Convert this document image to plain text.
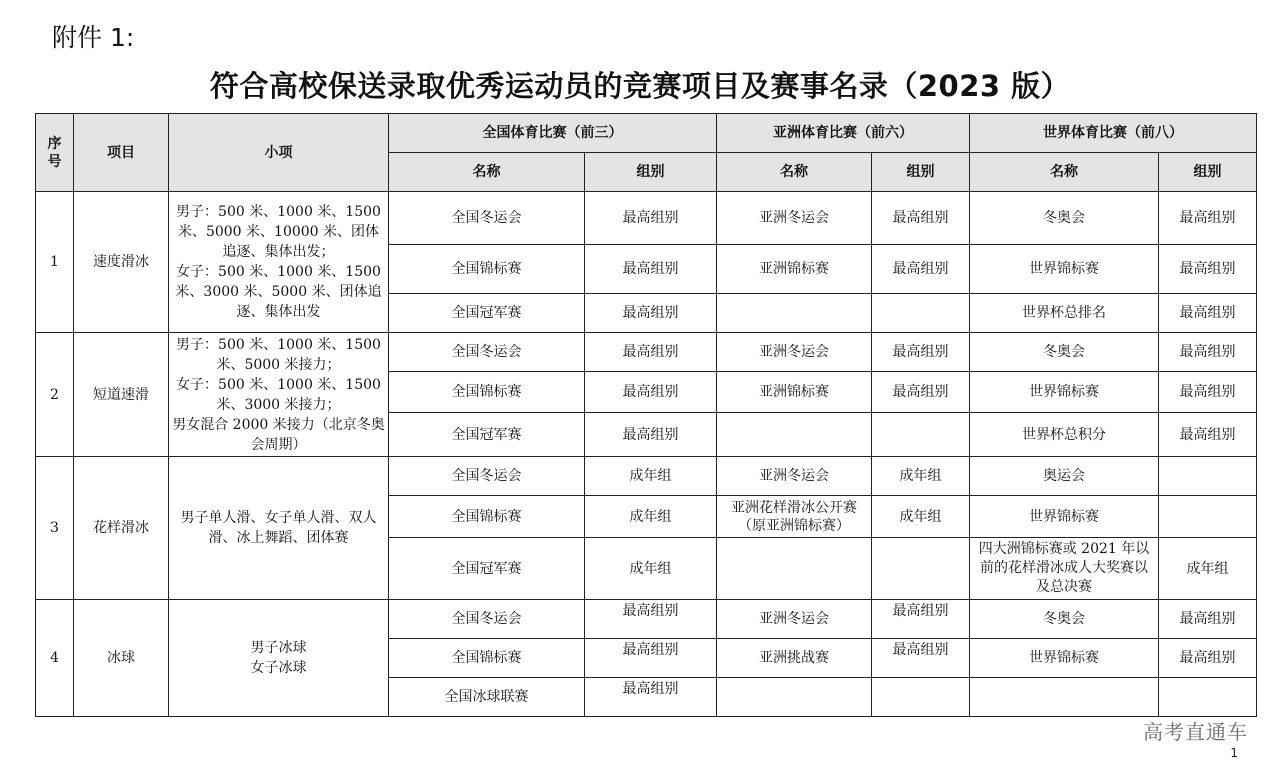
附件 1:
符合高校保送录取优秀运动员的竞赛项目及赛事名录（2023 版）
序号	项目	小项	全国体育比赛（前三）		亚洲体育比赛（前六）		世界体育比赛（前八）	
			名称	组别	名称	组别	名称	组别
1	速度滑冰	男子：500 米、1000 米、1500 米、5000 米、10000 米、团体追逐、集体出发；
女子：500 米、1000 米、1500 米、3000 米、5000 米、团体追逐、集体出发	全国冬运会	最高组别	亚洲冬运会	最高组别	冬奥会	最高组别
			全国锦标赛	最高组别	亚洲锦标赛	最高组别	世界锦标赛	最高组别
			全国冠军赛	最高组别			世界杯总排名	最高组别
2	短道速滑	男子：500 米、1000 米、1500 米、5000 米接力；
女子：500 米、1000 米、1500 米、3000 米接力；
男女混合 2000 米接力（北京冬奥会周期）	全国冬运会	最高组别	亚洲冬运会	最高组别	冬奥会	最高组别
			全国锦标赛	最高组别	亚洲锦标赛	最高组别	世界锦标赛	最高组别
			全国冠军赛	最高组别			世界杯总积分	最高组别
3	花样滑冰	男子单人滑、女子单人滑、双人滑、冰上舞蹈、团体赛	全国冬运会	成年组	亚洲冬运会	成年组	奥运会	
			全国锦标赛	成年组	亚洲花样滑冰公开赛
（原亚洲锦标赛）	成年组	世界锦标赛	
			全国冠军赛	成年组			四大洲锦标赛或 2021 年以前的花样滑冰成人大奖赛以及总决赛	成年组
4	冰球	男子冰球
女子冰球	全国冬运会	最高组别	亚洲冬运会	最高组别	冬奥会	最高组别
			全国锦标赛	最高组别	亚洲挑战赛	最高组别	世界锦标赛	最高组别
			全国冰球联赛	最高组别				
高考直通车
1
